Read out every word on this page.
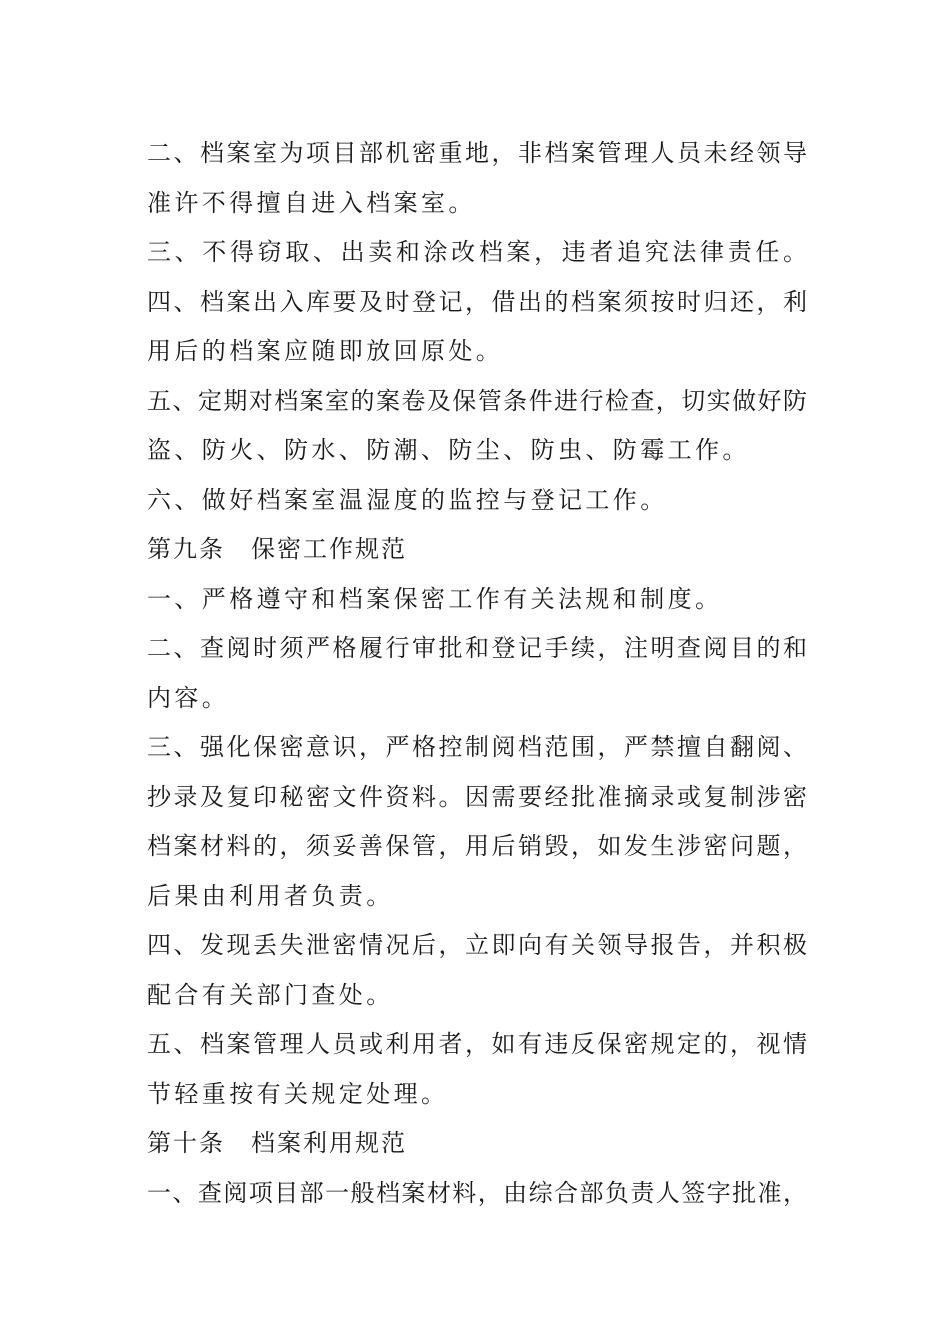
二、档案室为项目部机密重地，非档案管理人员未经领导
准许不得擅自进入档案室。
三、不得窃取、出卖和涂改档案，违者追究法律责任。
四、档案出入库要及时登记，借出的档案须按时归还，利
用后的档案应随即放回原处。
五、定期对档案室的案卷及保管条件进行检查，切实做好防
盗、防火、防水、防潮、防尘、防虫、防霉工作。
六、做好档案室温湿度的监控与登记工作。
第九条　保密工作规范
一、严格遵守和档案保密工作有关法规和制度。
二、查阅时须严格履行审批和登记手续，注明查阅目的和
内容。
三、强化保密意识，严格控制阅档范围，严禁擅自翻阅、
抄录及复印秘密文件资料。因需要经批准摘录或复制涉密
档案材料的，须妥善保管，用后销毁，如发生涉密问题，
后果由利用者负责。
四、发现丢失泄密情况后，立即向有关领导报告，并积极
配合有关部门查处。
五、档案管理人员或利用者，如有违反保密规定的，视情
节轻重按有关规定处理。
第十条　档案利用规范
一、查阅项目部一般档案材料，由综合部负责人签字批准，
